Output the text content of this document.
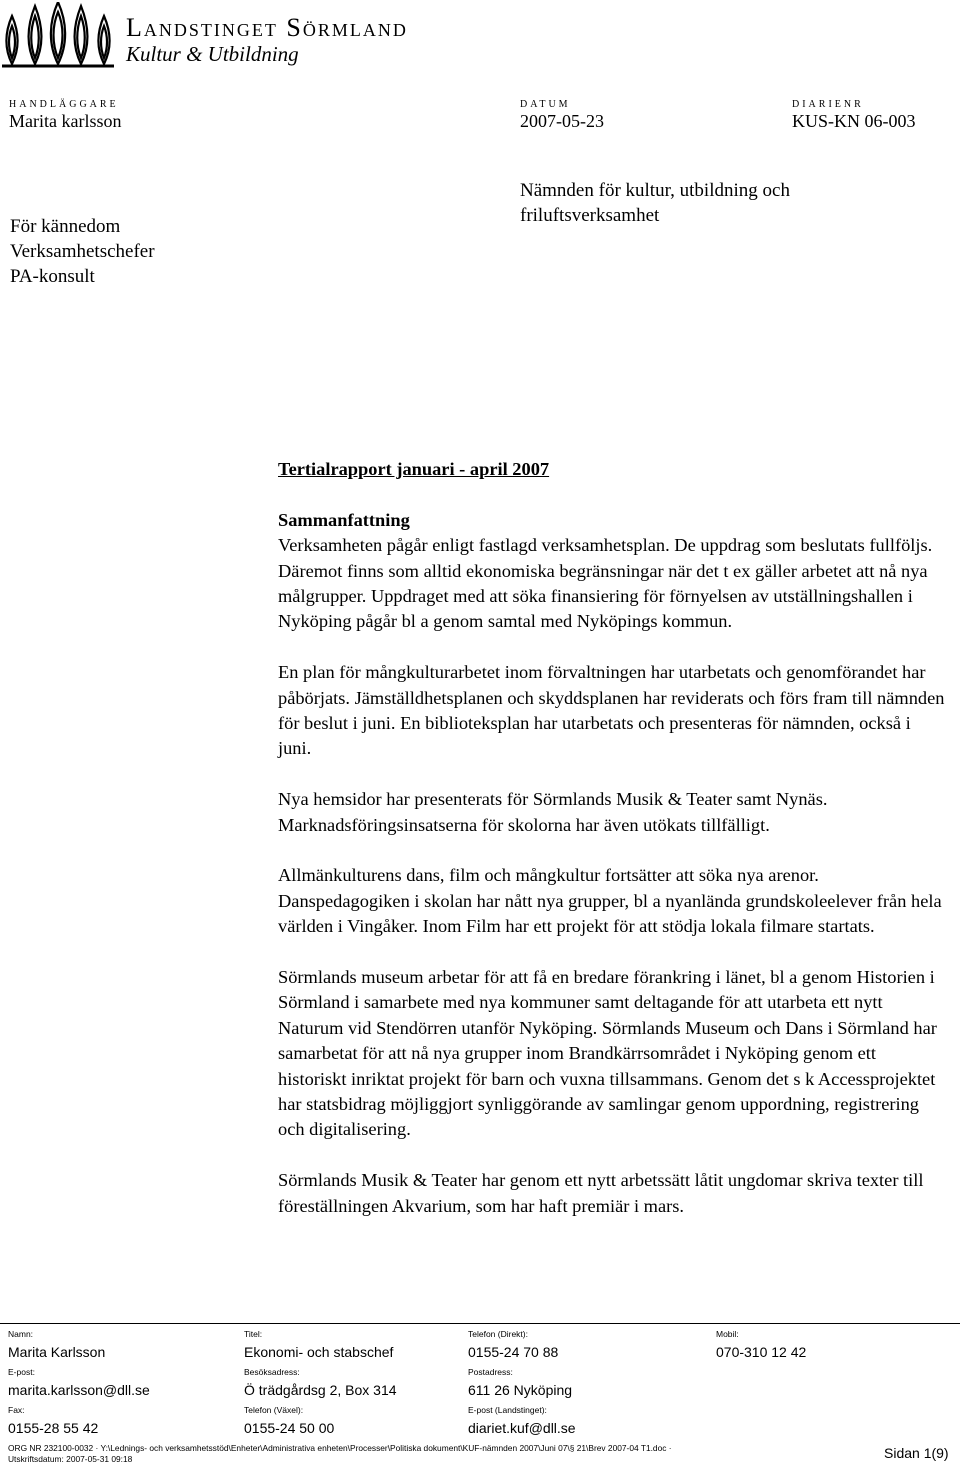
Landstinget Sörmland
Kultur & Utbildning
HANDLÄGGARE
Marita karlsson
DATUM
2007-05-23
DIARIENR
KUS-KN 06-003
För kännedom
Verksamhetschefer
PA-konsult
Nämnden för kultur, utbildning och
friluftsverksamhet

Tertialrapport januari - april 2007

Sammanfattning

Verksamheten pågår enligt fastlagd verksamhetsplan. De uppdrag som beslutats fullföljs. Däremot finns som alltid ekonomiska begränsningar när det t ex gäller arbetet att nå nya målgrupper. Uppdraget med att söka finansiering för förnyelsen av utställningshallen i Nyköping pågår bl a genom samtal med Nyköpings kommun.

En plan för mångkulturarbetet inom förvaltningen har utarbetats och genomförandet har påbörjats. Jämställdhetsplanen och skyddsplanen har reviderats och förs fram till nämnden för beslut i juni. En biblioteksplan har utarbetats och presenteras för nämnden, också i juni.

Nya hemsidor har presenterats för Sörmlands Musik & Teater samt Nynäs. Marknadsföringsinsatserna för skolorna har även utökats tillfälligt.

Allmänkulturens dans, film och mångkultur fortsätter att söka nya arenor. Danspedagogiken i skolan har nått nya grupper, bl a nyanlända grundskoleelever från hela världen i Vingåker. Inom Film har ett projekt för att stödja lokala filmare startats.

Sörmlands museum arbetar för att få en bredare förankring i länet, bl a genom Historien i Sörmland i samarbete med nya kommuner samt deltagande för att utarbeta ett nytt Naturum vid Stendörren utanför Nyköping. Sörmlands Museum och Dans i Sörmland har samarbetat för att nå nya grupper inom Brandkärrsområdet i Nyköping genom ett historiskt inriktat projekt för barn och vuxna tillsammans. Genom det s k Accessprojektet har statsbidrag möjliggjort synliggörande av samlingar genom uppordning, registrering och digitalisering.

Sörmlands Musik & Teater har genom ett nytt arbetssätt låtit ungdomar skriva texter till föreställningen Akvarium, som har haft premiär i mars.

Namn:	Titel:	Telefon (Direkt):	Mobil:
Marita Karlsson	Ekonomi- och stabschef	0155-24 70 88	070-310 12 42
E-post:	Besöksadress:	Postadress:
marita.karlsson@dll.se	Ö trädgårdsg 2, Box 314	611 26 Nyköping
Fax:	Telefon (Växel):	E-post (Landstinget):
0155-28 55 42	0155-24 50 00	diariet.kuf@dll.se
ORG NR 232100-0032 · Y:\Lednings- och verksamhetsstöd\Enheter\Administrativa enheten\Processer\Politiska dokument\KUF-nämnden 2007\Juni 07\§ 21\Brev 2007-04 T1.doc · Utskriftsdatum: 2007-05-31 09:18	Sidan 1(9)
